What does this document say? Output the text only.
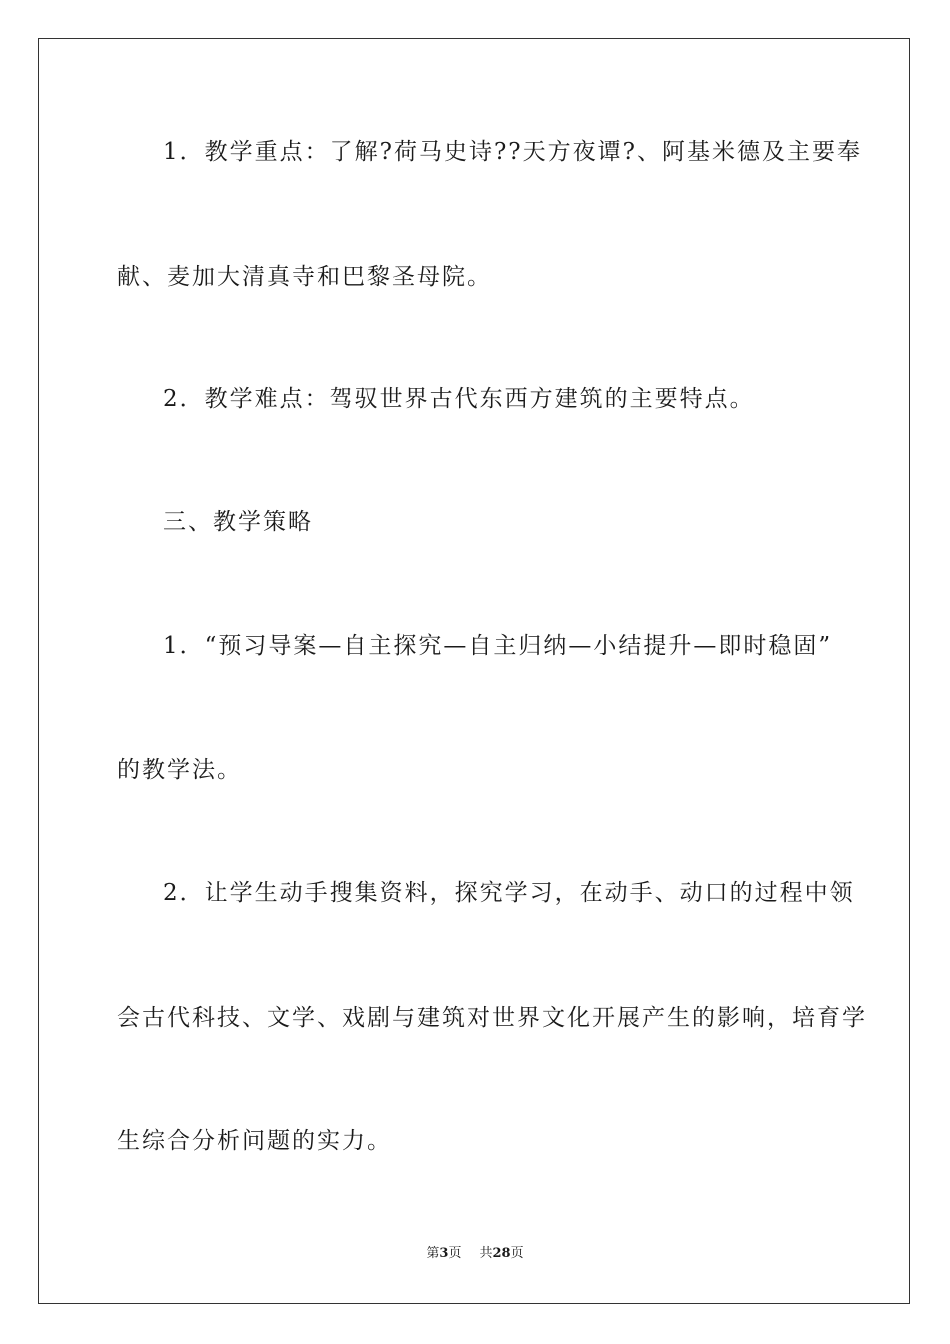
1．教学重点：了解?荷马史诗??天方夜谭?、阿基米德及主要奉
献、麦加大清真寺和巴黎圣母院。
2．教学难点：驾驭世界古代东西方建筑的主要特点。
三、教学策略
1．“预习导案—自主探究—自主归纳—小结提升—即时稳固”
的教学法。
2．让学生动手搜集资料，探究学习，在动手、动口的过程中领
会古代科技、文学、戏剧与建筑对世界文化开展产生的影响，培育学
生综合分析问题的实力。
第3页 共28页
